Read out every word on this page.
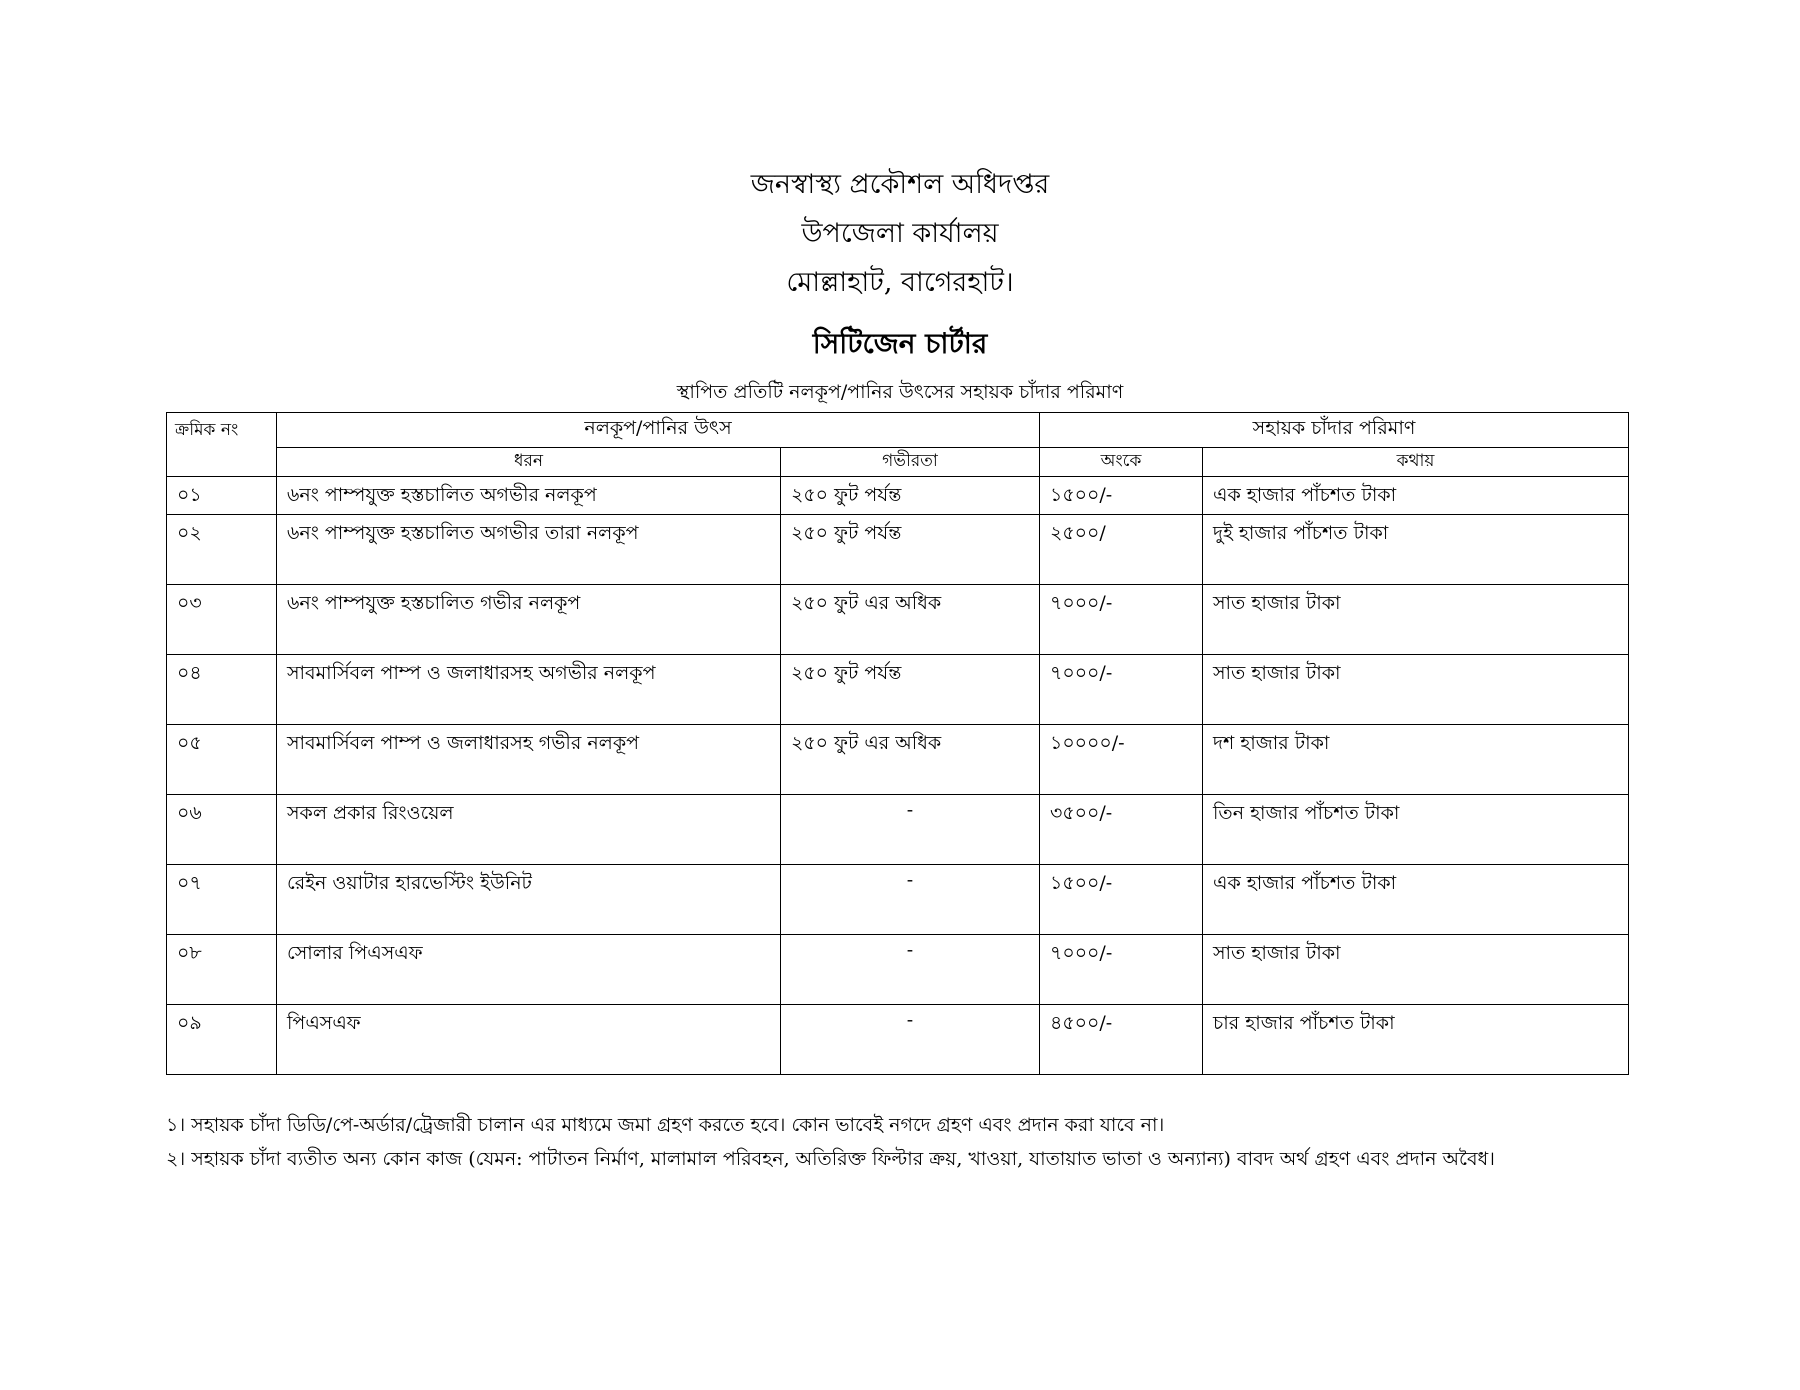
জনস্বাস্থ্য প্রকৌশল অধিদপ্তর
উপজেলা কার্যালয়
মোল্লাহাট, বাগেরহাট।
সিটিজেন চার্টার
স্থাপিত প্রতিটি নলকূপ/পানির উৎসের সহায়ক চাঁদার পরিমাণ
ক্রমিক নং	নলকূপ/পানির উৎস		সহায়ক চাঁদার পরিমাণ	
	ধরন	গভীরতা	অংকে	কথায়
০১	৬নং পাম্পযুক্ত হস্তচালিত অগভীর নলকূপ	২৫০ ফুট পর্যন্ত	১৫০০/-	এক হাজার পাঁচশত টাকা
০২	৬নং পাম্পযুক্ত হস্তচালিত অগভীর তারা নলকূপ	২৫০ ফুট পর্যন্ত	২৫০০/	দুই হাজার পাঁচশত টাকা
০৩	৬নং পাম্পযুক্ত হস্তচালিত গভীর নলকূপ	২৫০ ফুট এর অধিক	৭০০০/-	সাত হাজার টাকা
০৪	সাবমার্সিবল পাম্প ও জলাধারসহ অগভীর নলকূপ	২৫০ ফুট পর্যন্ত	৭০০০/-	সাত হাজার টাকা
০৫	সাবমার্সিবল পাম্প ও জলাধারসহ গভীর নলকূপ	২৫০ ফুট এর অধিক	১০০০০/-	দশ হাজার টাকা
০৬	সকল প্রকার রিংওয়েল	-	৩৫০০/-	তিন হাজার পাঁচশত টাকা
০৭	রেইন ওয়াটার হারভেস্টিং ইউনিট	-	১৫০০/-	এক হাজার পাঁচশত টাকা
০৮	সোলার পিএসএফ	-	৭০০০/-	সাত হাজার টাকা
০৯	পিএসএফ	-	৪৫০০/-	চার হাজার পাঁচশত টাকা
১। সহায়ক চাঁদা ডিডি/পে-অর্ডার/ট্রেজারী চালান এর মাধ্যমে জমা গ্রহণ করতে হবে। কোন ভাবেই নগদে গ্রহণ এবং প্রদান করা যাবে না।
২। সহায়ক চাঁদা ব্যতীত অন্য কোন কাজ (যেমন: পাটাতন নির্মাণ, মালামাল পরিবহন, অতিরিক্ত ফিল্টার ক্রয়, খাওয়া, যাতায়াত ভাতা ও অন্যান্য) বাবদ অর্থ গ্রহণ এবং প্রদান অবৈধ।
